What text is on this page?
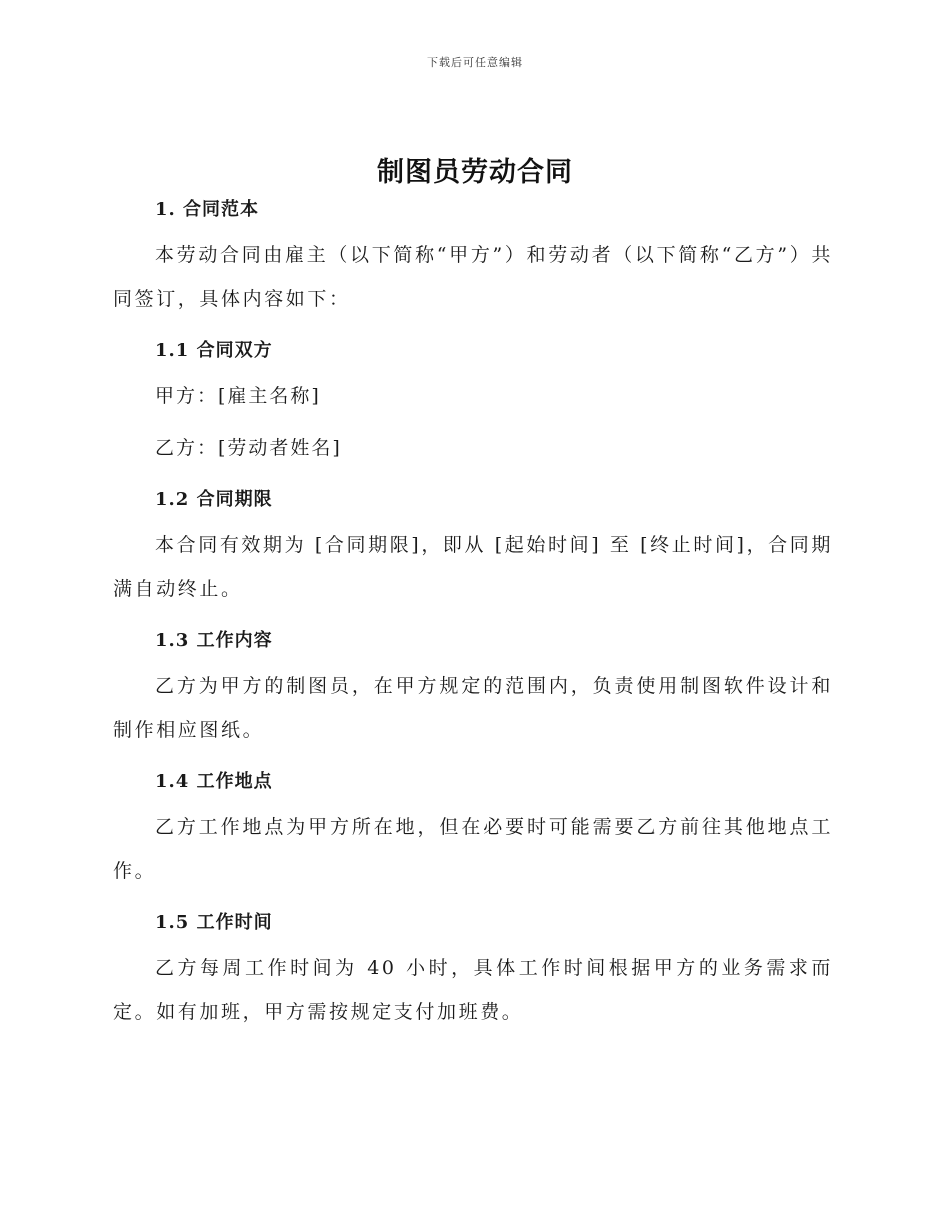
下载后可任意编辑
制图员劳动合同
1. 合同范本

本劳动合同由雇主（以下简称“甲方”）和劳动者（以下简称“乙方”）共同签订，具体内容如下：

1.1 合同双方

甲方：[雇主名称]

乙方：[劳动者姓名]

1.2 合同期限

本合同有效期为 [合同期限]，即从 [起始时间] 至 [终止时间]，合同期满自动终止。

1.3 工作内容

乙方为甲方的制图员，在甲方规定的范围内，负责使用制图软件设计和制作相应图纸。

1.4 工作地点

乙方工作地点为甲方所在地，但在必要时可能需要乙方前往其他地点工作。

1.5 工作时间

乙方每周工作时间为 40 小时，具体工作时间根据甲方的业务需求而定。如有加班，甲方需按规定支付加班费。
